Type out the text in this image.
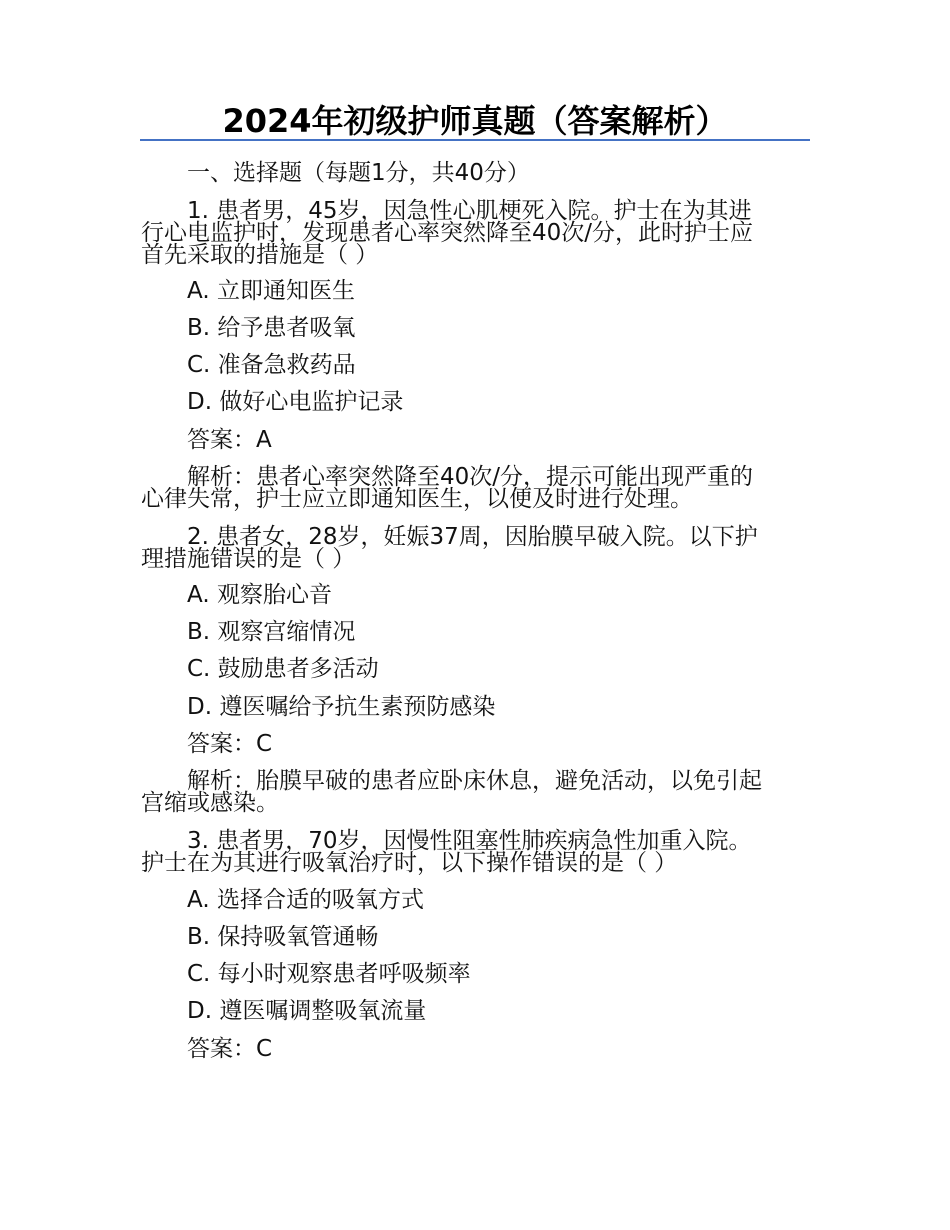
2024年初级护师真题（答案解析）
一、选择题（每题1分，共40分）
1. 患者男，45岁，因急性心肌梗死入院。护士在为其进
行心电监护时，发现患者心率突然降至40次/分，此时护士应
首先采取的措施是（ ）
A. 立即通知医生
B. 给予患者吸氧
C. 准备急救药品
D. 做好心电监护记录
答案：A
解析：患者心率突然降至40次/分，提示可能出现严重的
心律失常，护士应立即通知医生，以便及时进行处理。
2. 患者女，28岁，妊娠37周，因胎膜早破入院。以下护
理措施错误的是（ ）
A. 观察胎心音
B. 观察宫缩情况
C. 鼓励患者多活动
D. 遵医嘱给予抗生素预防感染
答案：C
解析：胎膜早破的患者应卧床休息，避免活动，以免引起
宫缩或感染。
3. 患者男，70岁，因慢性阻塞性肺疾病急性加重入院。
护士在为其进行吸氧治疗时，以下操作错误的是（ ）
A. 选择合适的吸氧方式
B. 保持吸氧管通畅
C. 每小时观察患者呼吸频率
D. 遵医嘱调整吸氧流量
答案：C
